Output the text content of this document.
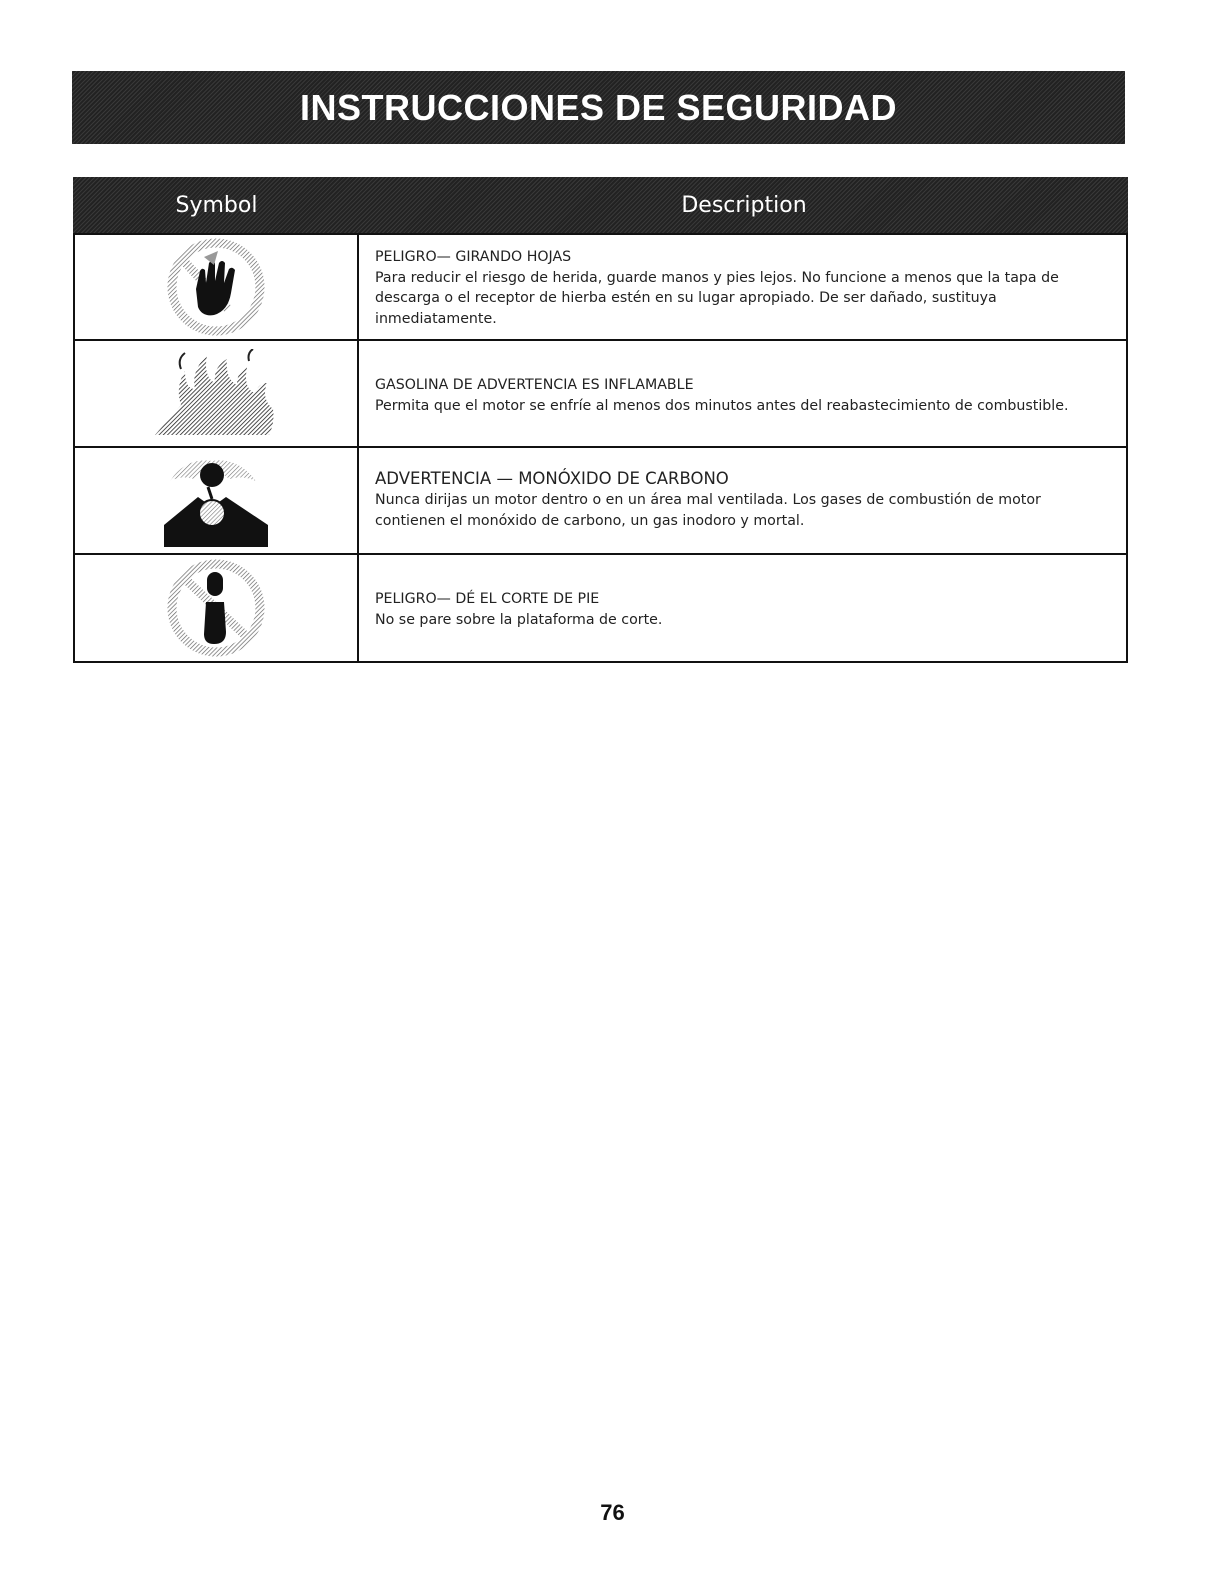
INSTRUCCIONES DE SEGURIDAD
Symbol	Description
PELIGRO— GIRANDO HOJAS
Para reducir el riesgo de herida, guarde manos y pies lejos. No funcione a menos que la tapa de descarga o el receptor de hierba estén en su lugar apropiado. De ser dañado, sustituya inmediatamente.
GASOLINA DE ADVERTENCIA ES INFLAMABLE
Permita que el motor se enfríe al menos dos minutos antes del reabastecimiento de combustible.
ADVERTENCIA — MONÓXIDO DE CARBONO
Nunca dirijas un motor dentro o en un área mal ventilada. Los gases de combustión de motor contienen el monóxido de carbono, un gas inodoro y mortal.
PELIGRO— DÉ EL CORTE DE PIE
No se pare sobre la plataforma de corte.
76
